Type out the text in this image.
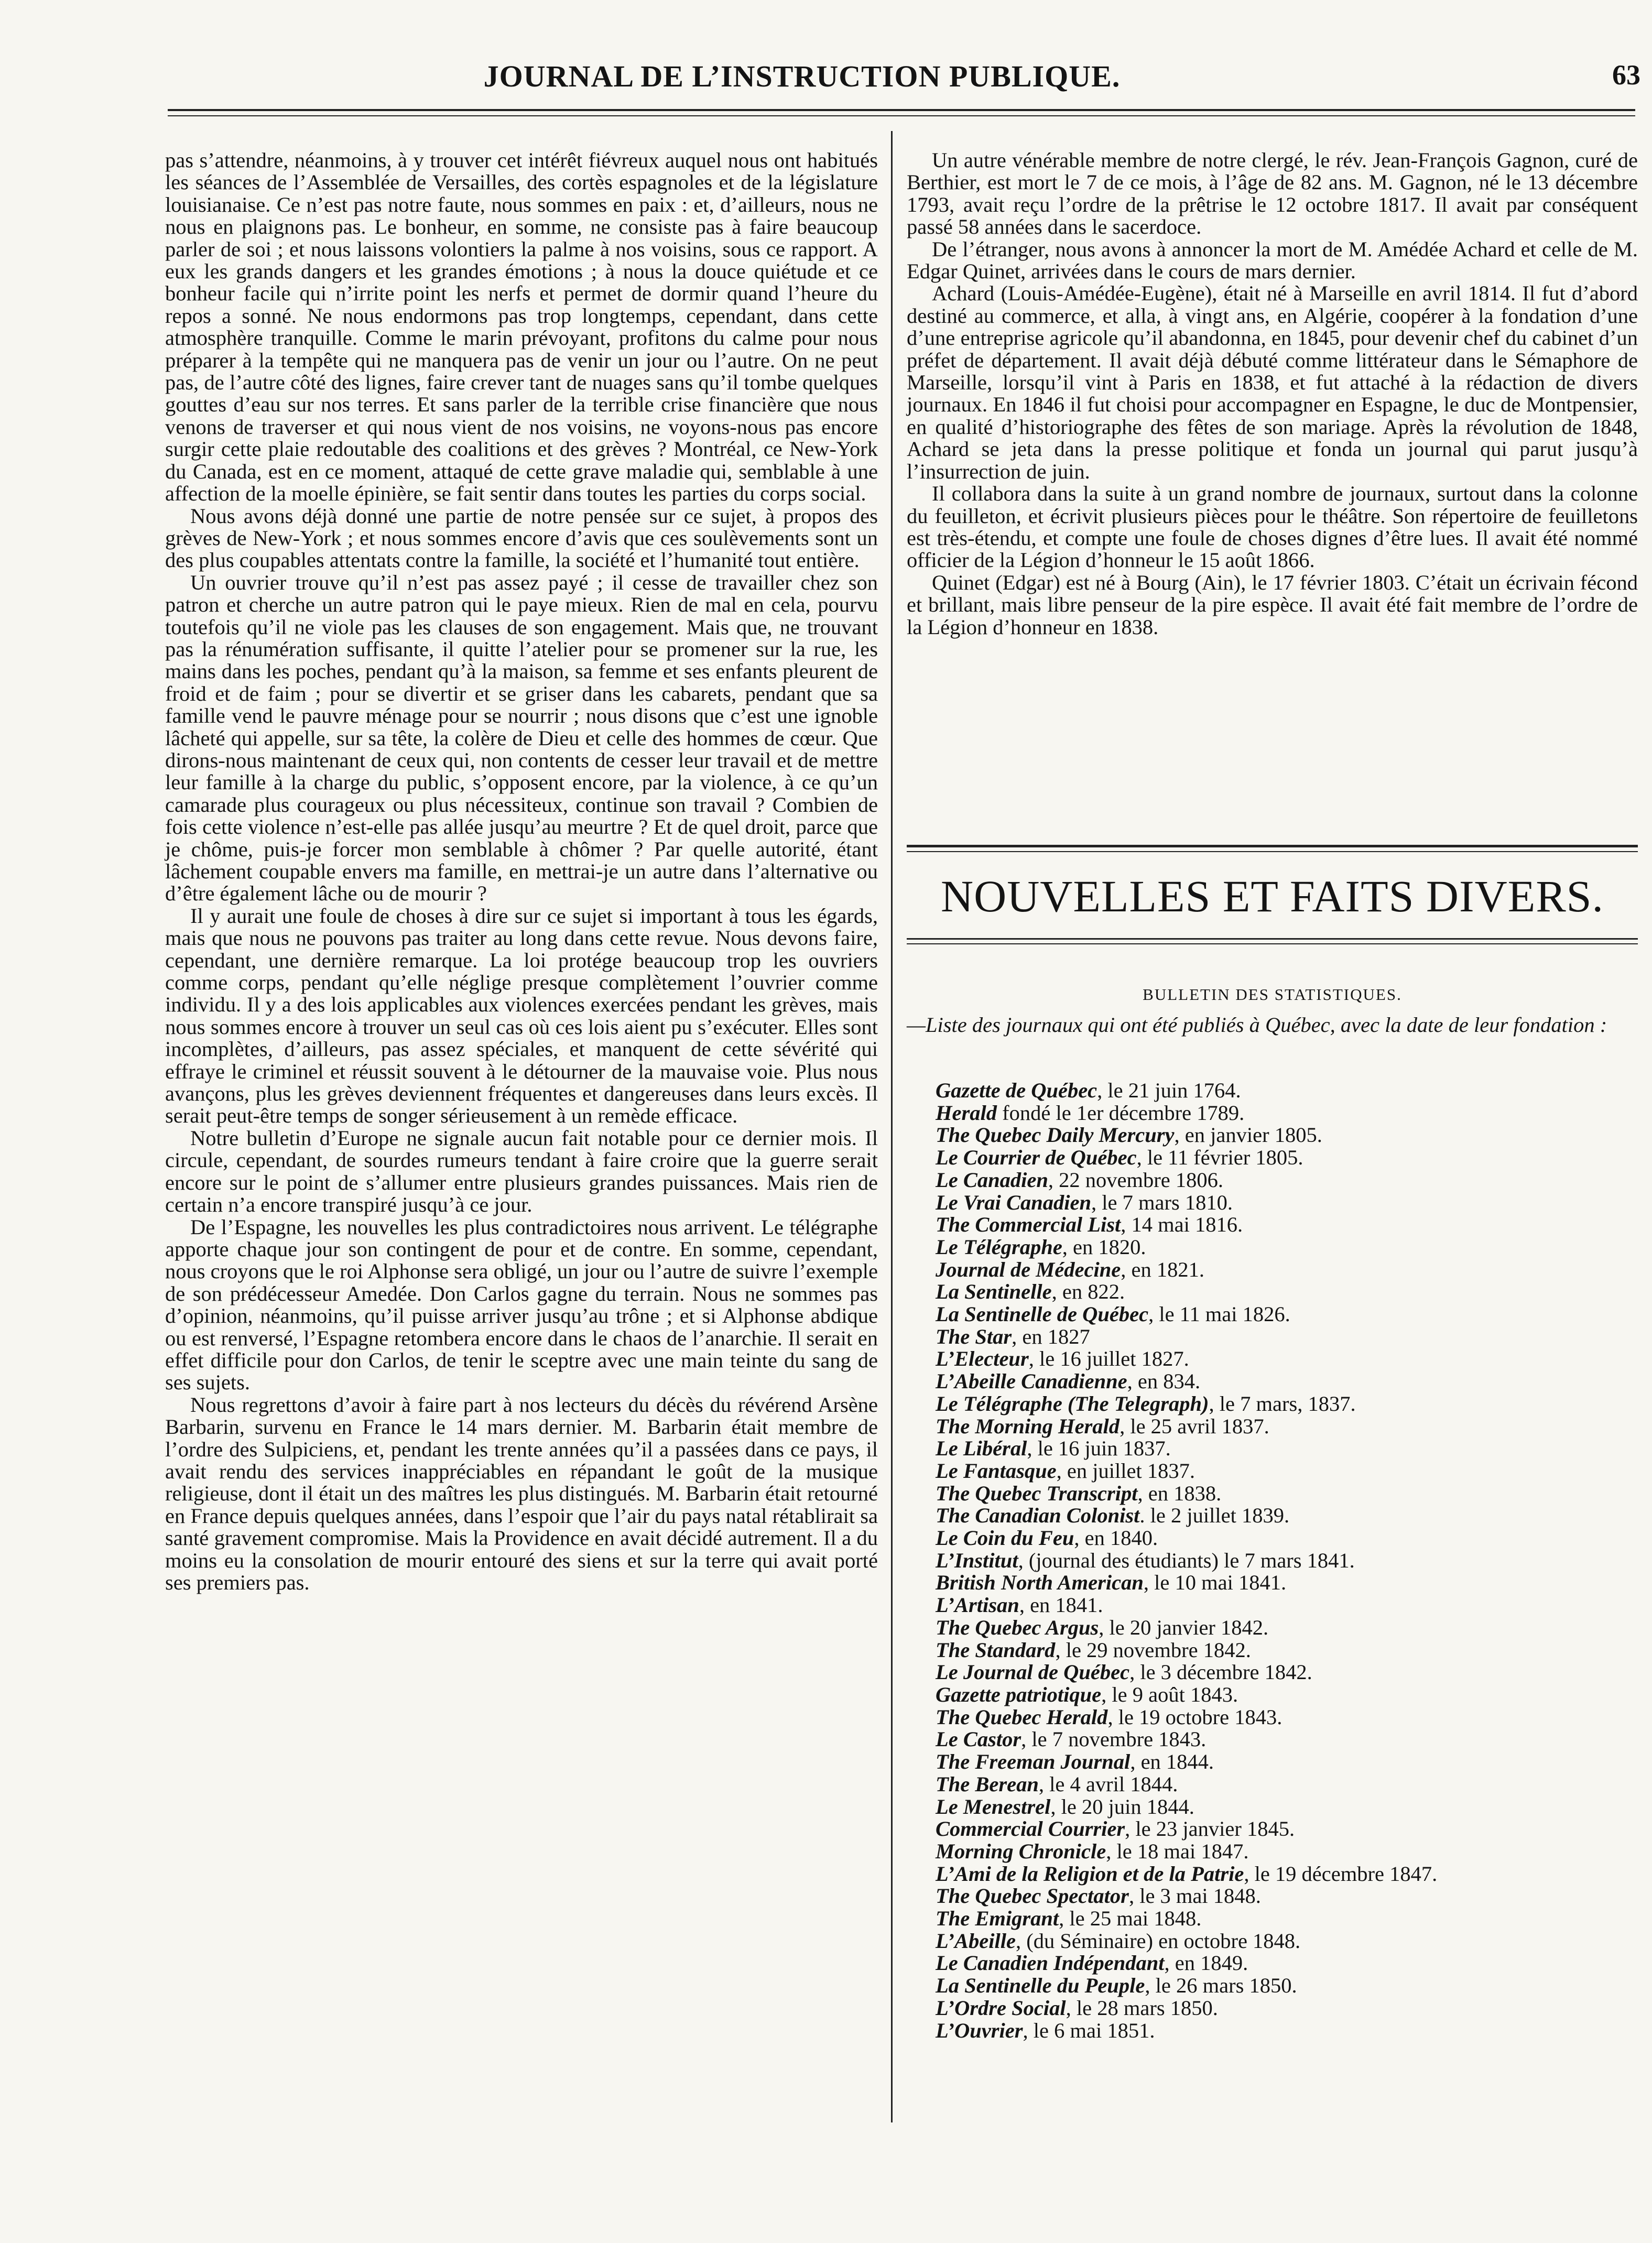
JOURNAL DE L’INSTRUCTION PUBLIQUE.	63

pas s’attendre, néanmoins, à y trouver cet intérêt fiévreux auquel nous ont habitués les séances de l’Assemblée de Versailles, des cortès espagnoles et de la législature louisianaise. Ce n’est pas notre faute, nous sommes en paix : et, d’ailleurs, nous ne nous en plaignons pas. Le bonheur, en somme, ne consiste pas à faire beaucoup parler de soi ; et nous laissons volontiers la palme à nos voisins, sous ce rapport. A eux les grands dangers et les grandes émotions ; à nous la douce quiétude et ce bonheur facile qui n’irrite point les nerfs et permet de dormir quand l’heure du repos a sonné. Ne nous endormons pas trop longtemps, cependant, dans cette atmosphère tranquille. Comme le marin prévoyant, profitons du calme pour nous préparer à la tempête qui ne manquera pas de venir un jour ou l’autre. On ne peut pas, de l’autre côté des lignes, faire crever tant de nuages sans qu’il tombe quelques gouttes d’eau sur nos terres. Et sans parler de la terrible crise financière que nous venons de traverser et qui nous vient de nos voisins, ne voyons-nous pas encore surgir cette plaie redoutable des coalitions et des grèves ? Montréal, ce New-York du Canada, est en ce moment, attaqué de cette grave maladie qui, semblable à une affection de la moelle épinière, se fait sentir dans toutes les parties du corps social.

Nous avons déjà donné une partie de notre pensée sur ce sujet, à propos des grèves de New-York ; et nous sommes encore d’avis que ces soulèvements sont un des plus coupables attentats contre la famille, la société et l’humanité tout entière.

Un ouvrier trouve qu’il n’est pas assez payé ; il cesse de travailler chez son patron et cherche un autre patron qui le paye mieux. Rien de mal en cela, pourvu toutefois qu’il ne viole pas les clauses de son engagement. Mais que, ne trouvant pas la rénumération suffisante, il quitte l’atelier pour se promener sur la rue, les mains dans les poches, pendant qu’à la maison, sa femme et ses enfants pleurent de froid et de faim ; pour se divertir et se griser dans les cabarets, pendant que sa famille vend le pauvre ménage pour se nourrir ; nous disons que c’est une ignoble lâcheté qui appelle, sur sa tête, la colère de Dieu et celle des hommes de cœur. Que dirons-nous maintenant de ceux qui, non contents de cesser leur travail et de mettre leur famille à la charge du public, s’opposent encore, par la violence, à ce qu’un camarade plus courageux ou plus nécessiteux, continue son travail ? Combien de fois cette violence n’est-elle pas allée jusqu’au meurtre ? Et de quel droit, parce que je chôme, puis-je forcer mon semblable à chômer ? Par quelle autorité, étant lâchement coupable envers ma famille, en mettrai-je un autre dans l’alternative ou d’être également lâche ou de mourir ?

Il y aurait une foule de choses à dire sur ce sujet si important à tous les égards, mais que nous ne pouvons pas traiter au long dans cette revue. Nous devons faire, cependant, une dernière remarque. La loi protége beaucoup trop les ouvriers comme corps, pendant qu’elle néglige presque complètement l’ouvrier comme individu. Il y a des lois applicables aux violences exercées pendant les grèves, mais nous sommes encore à trouver un seul cas où ces lois aient pu s’exécuter. Elles sont incomplètes, d’ailleurs, pas assez spéciales, et manquent de cette sévérité qui effraye le criminel et réussit souvent à le détourner de la mauvaise voie. Plus nous avançons, plus les grèves deviennent fréquentes et dangereuses dans leurs excès. Il serait peut-être temps de songer sérieusement à un remède efficace.

Notre bulletin d’Europe ne signale aucun fait notable pour ce dernier mois. Il circule, cependant, de sourdes rumeurs tendant à faire croire que la guerre serait encore sur le point de s’allumer entre plusieurs grandes puissances. Mais rien de certain n’a encore transpiré jusqu’à ce jour.

De l’Espagne, les nouvelles les plus contradictoires nous arrivent. Le télégraphe apporte chaque jour son contingent de pour et de contre. En somme, cependant, nous croyons que le roi Alphonse sera obligé, un jour ou l’autre de suivre l’exemple de son prédécesseur Amedée. Don Carlos gagne du terrain. Nous ne sommes pas d’opinion, néanmoins, qu’il puisse arriver jusqu’au trône ; et si Alphonse abdique ou est renversé, l’Espagne retombera encore dans le chaos de l’anarchie. Il serait en effet difficile pour don Carlos, de tenir le sceptre avec une main teinte du sang de ses sujets.

Nous regrettons d’avoir à faire part à nos lecteurs du décès du révérend Arsène Barbarin, survenu en France le 14 mars dernier. M. Barbarin était membre de l’ordre des Sulpiciens, et, pendant les trente années qu’il a passées dans ce pays, il avait rendu des services inappréciables en répandant le goût de la musique religieuse, dont il était un des maîtres les plus distingués. M. Barbarin était retourné en France depuis quelques années, dans l’espoir que l’air du pays natal rétablirait sa santé gravement compromise. Mais la Providence en avait décidé autrement. Il a du moins eu la consolation de mourir entouré des siens et sur la terre qui avait porté ses premiers pas.

Un autre vénérable membre de notre clergé, le rév. Jean-François Gagnon, curé de Berthier, est mort le 7 de ce mois, à l’âge de 82 ans. M. Gagnon, né le 13 décembre 1793, avait reçu l’ordre de la prêtrise le 12 octobre 1817. Il avait par conséquent passé 58 années dans le sacerdoce.

De l’étranger, nous avons à annoncer la mort de M. Amédée Achard et celle de M. Edgar Quinet, arrivées dans le cours de mars dernier.

Achard (Louis-Amédée-Eugène), était né à Marseille en avril 1814. Il fut d’abord destiné au commerce, et alla, à vingt ans, en Algérie, coopérer à la fondation d’une d’une entreprise agricole qu’il abandonna, en 1845, pour devenir chef du cabinet d’un préfet de département. Il avait déjà débuté comme littérateur dans le Sémaphore de Marseille, lorsqu’il vint à Paris en 1838, et fut attaché à la rédaction de divers journaux. En 1846 il fut choisi pour accompagner en Espagne, le duc de Montpensier, en qualité d’historiographe des fêtes de son mariage. Après la révolution de 1848, Achard se jeta dans la presse politique et fonda un journal qui parut jusqu’à l’insurrection de juin.

Il collabora dans la suite à un grand nombre de journaux, surtout dans la colonne du feuilleton, et écrivit plusieurs pièces pour le théâtre. Son répertoire de feuilletons est très-étendu, et compte une foule de choses dignes d’être lues. Il avait été nommé officier de la Légion d’honneur le 15 août 1866.

Quinet (Edgar) est né à Bourg (Ain), le 17 février 1803. C’était un écrivain fécond et brillant, mais libre penseur de la pire espèce. Il avait été fait membre de l’ordre de la Légion d’honneur en 1838.

NOUVELLES ET FAITS DIVERS.
BULLETIN DES STATISTIQUES.
—Liste des journaux qui ont été publiés à Québec, avec la date de leur fondation :
Gazette de Québec, le 21 juin 1764.
Herald fondé le 1er décembre 1789.
The Quebec Daily Mercury, en janvier 1805.
Le Courrier de Québec, le 11 février 1805.
Le Canadien, 22 novembre 1806.
Le Vrai Canadien, le 7 mars 1810.
The Commercial List, 14 mai 1816.
Le Télégraphe, en 1820.
Journal de Médecine, en 1821.
La Sentinelle, en 822.
La Sentinelle de Québec, le 11 mai 1826.
The Star, en 1827
L’Electeur, le 16 juillet 1827.
L’Abeille Canadienne, en 834.
Le Télégraphe (The Telegraph), le 7 mars, 1837.
The Morning Herald, le 25 avril 1837.
Le Libéral, le 16 juin 1837.
Le Fantasque, en juillet 1837.
The Quebec Transcript, en 1838.
The Canadian Colonist. le 2 juillet 1839.
Le Coin du Feu, en 1840.
L’Institut, (journal des étudiants) le 7 mars 1841.
British North American, le 10 mai 1841.
L’Artisan, en 1841.
The Quebec Argus, le 20 janvier 1842.
The Standard, le 29 novembre 1842.
Le Journal de Québec, le 3 décembre 1842.
Gazette patriotique, le 9 août 1843.
The Quebec Herald, le 19 octobre 1843.
Le Castor, le 7 novembre 1843.
The Freeman Journal, en 1844.
The Berean, le 4 avril 1844.
Le Menestrel, le 20 juin 1844.
Commercial Courrier, le 23 janvier 1845.
Morning Chronicle, le 18 mai 1847.
L’Ami de la Religion et de la Patrie, le 19 décembre 1847.
The Quebec Spectator, le 3 mai 1848.
The Emigrant, le 25 mai 1848.
L’Abeille, (du Séminaire) en octobre 1848.
Le Canadien Indépendant, en 1849.
La Sentinelle du Peuple, le 26 mars 1850.
L’Ordre Social, le 28 mars 1850.
L’Ouvrier, le 6 mai 1851.
